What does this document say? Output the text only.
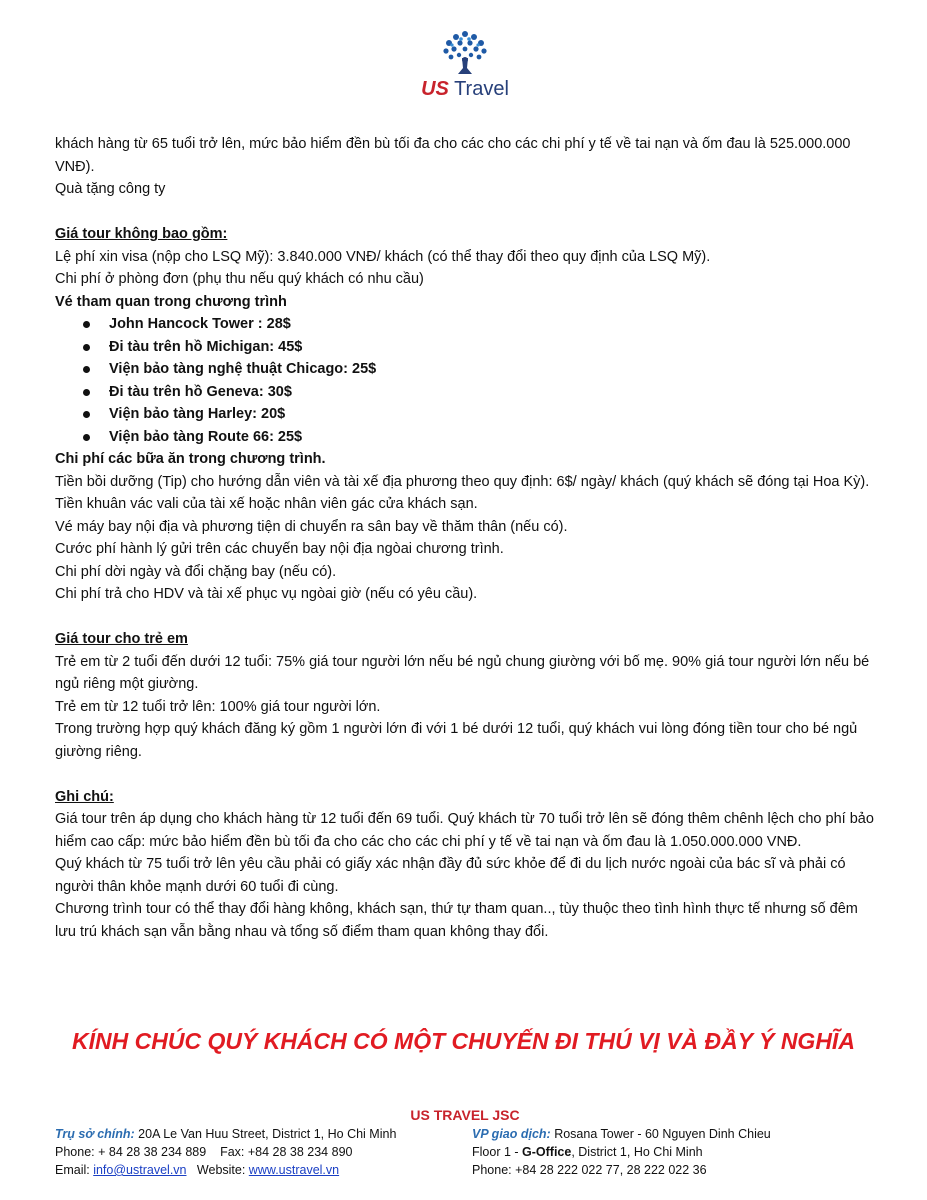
US Travel

khách hàng từ 65 tuổi trở lên, mức bảo hiểm đền bù tối đa cho các cho các chi phí y tế về tai nạn và ốm đau là 525.000.000 VNĐ).

Quà tặng công ty

Giá tour không bao gồm:

Lệ phí xin visa (nộp cho LSQ Mỹ): 3.840.000 VNĐ/ khách (có thể thay đổi theo quy định của LSQ Mỹ).

Chi phí ở phòng đơn (phụ thu nếu quý khách có nhu cầu)

Vé tham quan trong chương trình

John Hancock Tower : 28$
Đi tàu trên hồ Michigan: 45$
Viện bảo tàng nghệ thuật Chicago: 25$
Đi tàu trên hồ Geneva: 30$
Viện bảo tàng Harley: 20$
Viện bảo tàng Route 66: 25$

Chi phí các bữa ăn trong chương trình.

Tiền bồi dưỡng (Tip) cho hướng dẫn viên và tài xế địa phương theo quy định: 6$/ ngày/ khách (quý khách sẽ đóng tại Hoa Kỳ).

Tiền khuân vác vali của tài xế hoặc nhân viên gác cửa khách sạn.

Vé máy bay nội địa và phương tiện di chuyển ra sân bay về thăm thân (nếu có).

Cước phí hành lý gửi trên các chuyến bay nội địa ngòai chương trình.

Chi phí dời ngày và đổi chặng bay (nếu có).

Chi phí trả cho HDV và tài xế phục vụ ngòai giờ (nếu có yêu cầu).

Giá tour cho trẻ em

Trẻ em từ 2 tuổi đến dưới 12 tuổi: 75% giá tour người lớn nếu bé ngủ chung giường với bố mẹ. 90% giá tour người lớn nếu bé ngủ riêng một giường.

Trẻ em từ 12 tuổi trở lên: 100% giá tour người lớn.

Trong trường hợp quý khách đăng ký gồm 1 người lớn đi với 1 bé dưới 12 tuổi, quý khách vui lòng đóng tiền tour cho bé ngủ giường riêng.

Ghi chú:

Giá tour trên áp dụng cho khách hàng từ 12 tuổi đến 69 tuổi. Quý khách từ 70 tuổi trở lên sẽ đóng thêm chênh lệch cho phí bảo hiểm cao cấp: mức bảo hiểm đền bù tối đa cho các cho các chi phí y tế về tai nạn và ốm đau là 1.050.000.000 VNĐ.

Quý khách từ 75 tuổi trở lên yêu cầu phải có giấy xác nhận đầy đủ sức khỏe để đi du lịch nước ngoài của bác sĩ và phải có người thân khỏe mạnh dưới 60 tuổi đi cùng.

Chương trình tour có thể thay đổi hàng không, khách sạn, thứ tự tham quan.., tùy thuộc theo tình hình thực tế nhưng số đêm lưu trú khách sạn vẫn bằng nhau và tổng số điểm tham quan không thay đổi.

KÍNH CHÚC QUÝ KHÁCH CÓ MỘT CHUYẾN ĐI THÚ VỊ VÀ ĐẦY Ý NGHĨA
US TRAVEL JSC
Trụ sở chính: 20A Le Van Huu Street, District 1, Ho Chi Minh
Phone: + 84 28 38 234 889    Fax: +84 28 38 234 890
Email: info@ustravel.vn   Website: www.ustravel.vn
VP giao dịch: Rosana Tower - 60 Nguyen Dinh Chieu
Floor 1 - G-Office, District 1, Ho Chi Minh
Phone: +84 28 222 022 77, 28 222 022 36
